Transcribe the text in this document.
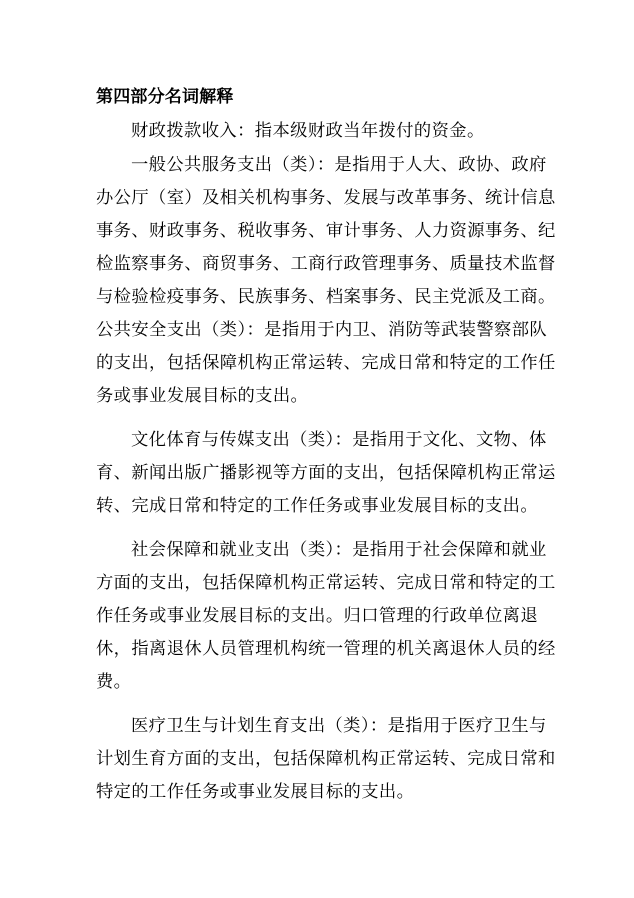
第四部分名词解释
财政拨款收入：指本级财政当年拨付的资金。
一般公共服务支出（类）：是指用于人大、政协、政府
办公厅（室）及相关机构事务、发展与改革事务、统计信息
事务、财政事务、税收事务、审计事务、人力资源事务、纪
检监察事务、商贸事务、工商行政管理事务、质量技术监督
与检验检疫事务、民族事务、档案事务、民主党派及工商。
公共安全支出（类）：是指用于内卫、消防等武装警察部队
的支出，包括保障机构正常运转、完成日常和特定的工作任
务或事业发展目标的支出。
文化体育与传媒支出（类）：是指用于文化、文物、体
育、新闻出版广播影视等方面的支出，包括保障机构正常运
转、完成日常和特定的工作任务或事业发展目标的支出。
社会保障和就业支出（类）：是指用于社会保障和就业
方面的支出，包括保障机构正常运转、完成日常和特定的工
作任务或事业发展目标的支出。归口管理的行政单位离退
休，指离退休人员管理机构统一管理的机关离退休人员的经
费。
医疗卫生与计划生育支出（类）：是指用于医疗卫生与
计划生育方面的支出，包括保障机构正常运转、完成日常和
特定的工作任务或事业发展目标的支出。
